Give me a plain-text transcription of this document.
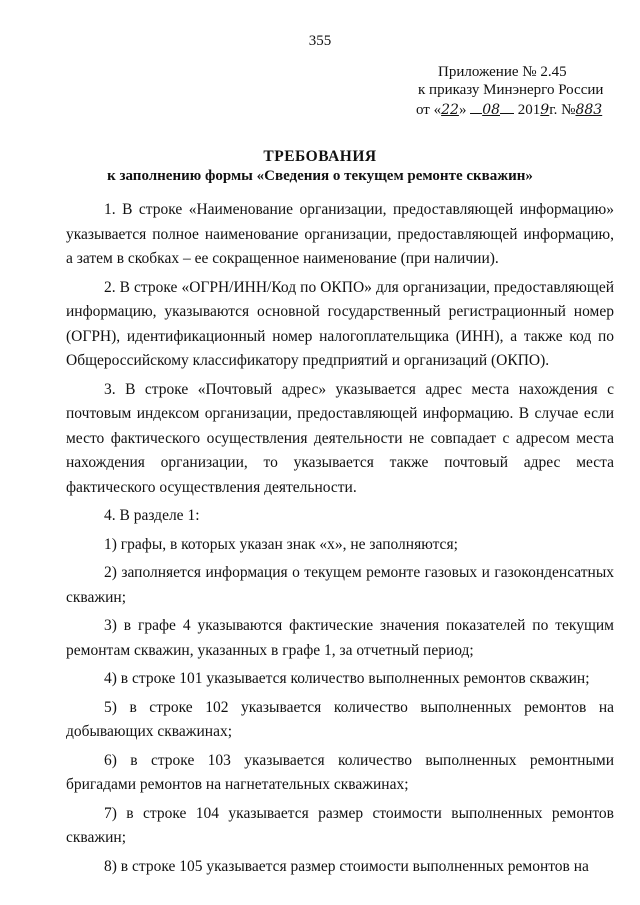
355
Приложение № 2.45
к приказу Минэнерго России
от «22» 08 2019г. №883
ТРЕБОВАНИЯ
к заполнению формы «Сведения о текущем ремонте скважин»

1. В строке «Наименование организации, предоставляющей информацию» указывается полное наименование организации, предоставляющей информацию, а затем в скобках – ее сокращенное наименование (при наличии).

2. В строке «ОГРН/ИНН/Код по ОКПО» для организации, предоставляющей информацию, указываются основной государственный регистрационный номер (ОГРН), идентификационный номер налогоплательщика (ИНН), а также код по Общероссийскому классификатору предприятий и организаций (ОКПО).

3. В строке «Почтовый адрес» указывается адрес места нахождения с почтовым индексом организации, предоставляющей информацию. В случае если место фактического осуществления деятельности не совпадает с адресом места нахождения организации, то указывается также почтовый адрес места фактического осуществления деятельности.

4. В разделе 1:

1) графы, в которых указан знак «х», не заполняются;

2) заполняется информация о текущем ремонте газовых и газоконденсатных скважин;

3) в графе 4 указываются фактические значения показателей по текущим ремонтам скважин, указанных в графе 1, за отчетный период;

4) в строке 101 указывается количество выполненных ремонтов скважин;

5) в строке 102 указывается количество выполненных ремонтов на добывающих скважинах;

6) в строке 103 указывается количество выполненных ремонтными бригадами ремонтов на нагнетательных скважинах;

7) в строке 104 указывается размер стоимости выполненных ремонтов скважин;

8) в строке 105 указывается размер стоимости выполненных ремонтов на
